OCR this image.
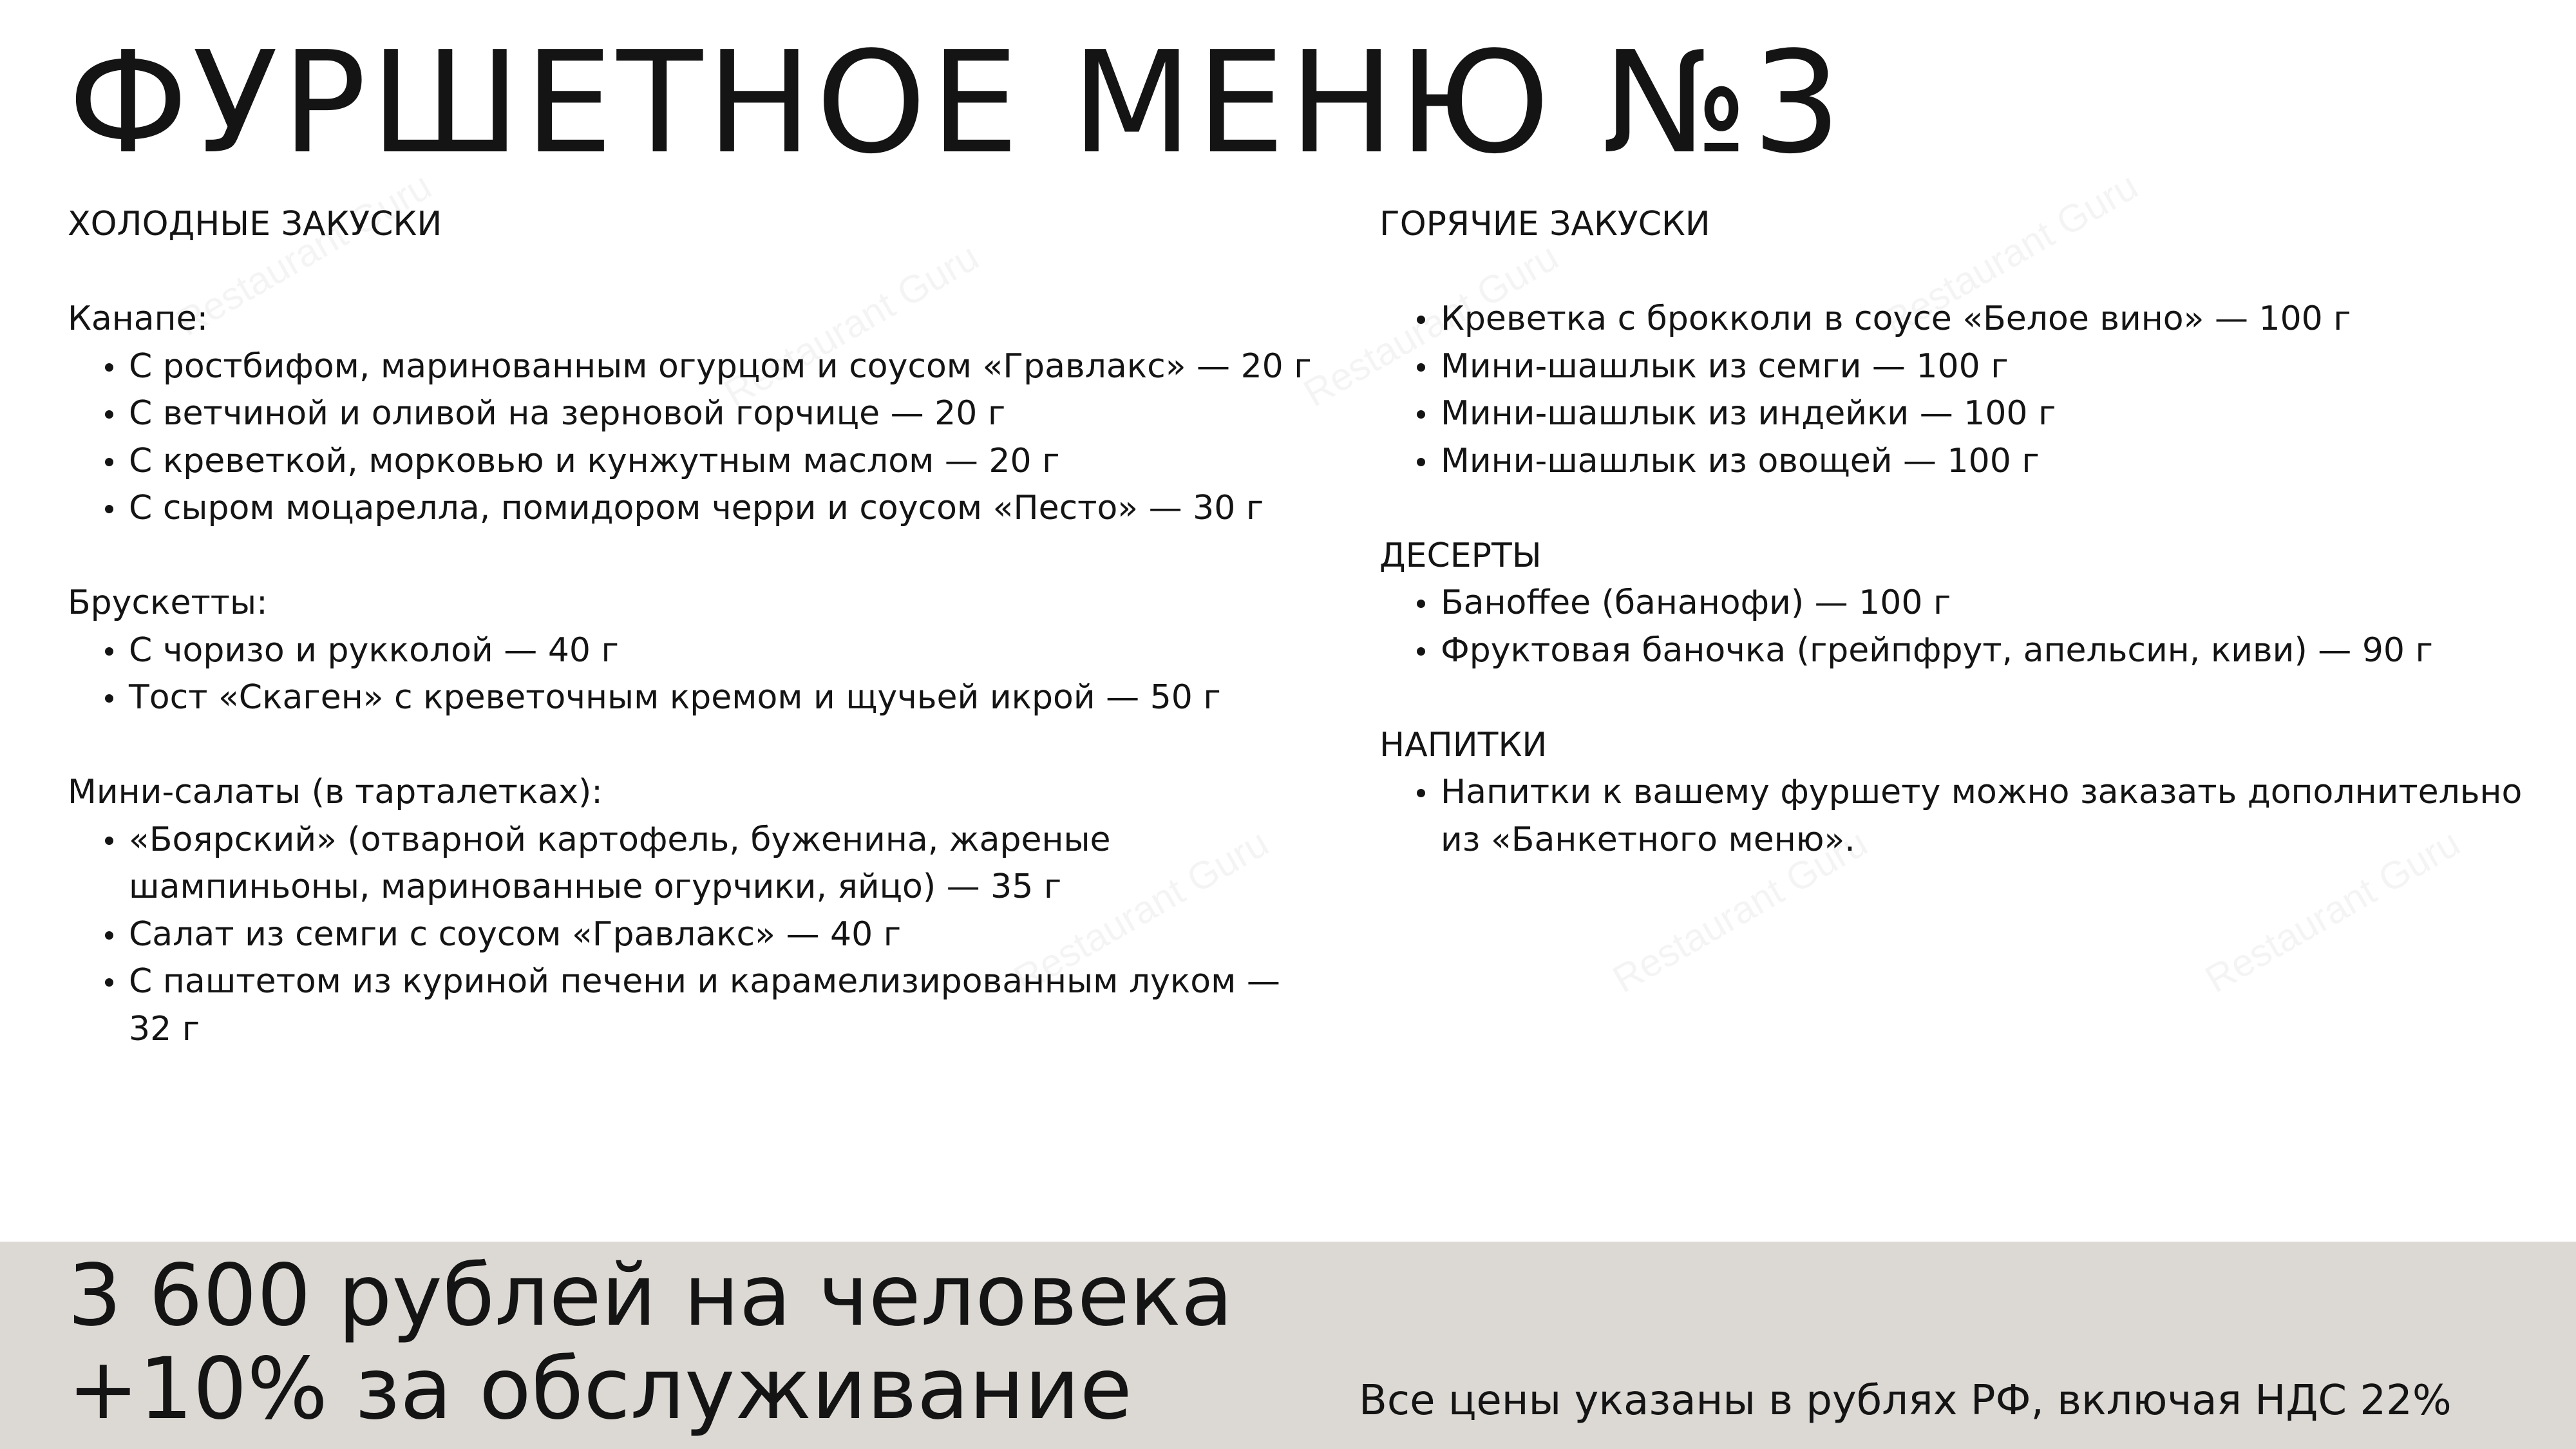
ФУРШЕТНОЕ МЕНЮ №3
ХОЛОДНЫЕ ЗАКУСКИ
Канапе:
С ростбифом, маринованным огурцом и соусом «Гравлакс» — 20 г
С ветчиной и оливой на зерновой горчице — 20 г
С креветкой, морковью и кунжутным маслом — 20 г
С сыром моцарелла, помидором черри и соусом «Песто» — 30 г
Брускетты:
С чоризо и рукколой — 40 г
Тост «Скаген» с креветочным кремом и щучьей икрой — 50 г
Мини-салаты (в тарталетках):
«Боярский» (отварной картофель, буженина, жареные шампиньоны, маринованные огурчики, яйцо) — 35 г
Салат из семги с соусом «Гравлакс» — 40 г
С паштетом из куриной печени и карамелизированным луком — 32 г
ГОРЯЧИЕ ЗАКУСКИ
Креветка с брокколи в соусе «Белое вино» — 100 г
Мини-шашлык из семги — 100 г
Мини-шашлык из индейки — 100 г
Мини-шашлык из овощей — 100 г
ДЕСЕРТЫ
Баноffee (бананофи) — 100 г
Фруктовая баночка (грейпфрут, апельсин, киви) — 90 г
НАПИТКИ
Напитки к вашему фуршету можно заказать дополнительно из «Банкетного меню».
3 600 рублей на человека
+10% за обслуживание	Все цены указаны в рублях РФ, включая НДС 22%
